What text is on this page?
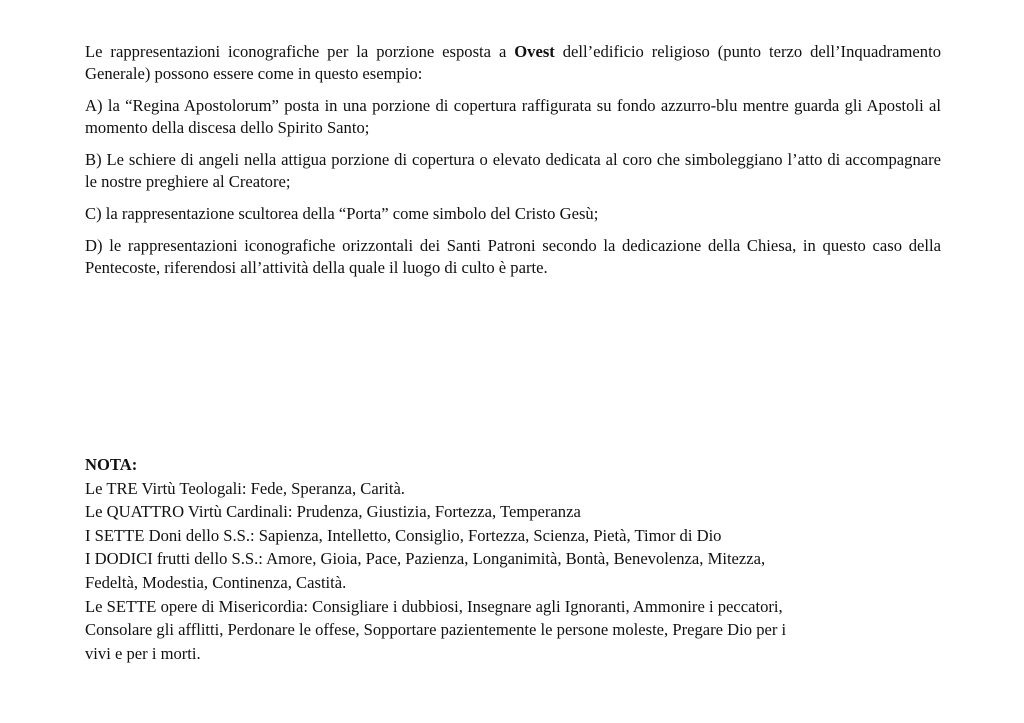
Le rappresentazioni iconografiche per la porzione esposta a Ovest dell’edificio religioso (punto terzo dell’Inquadramento Generale) possono essere come in questo esempio:

A) la “Regina Apostolorum” posta in una porzione di copertura raffigurata su fondo azzurro-blu mentre guarda gli Apostoli al momento della discesa dello Spirito Santo;

B) Le schiere di angeli nella attigua porzione di copertura o elevato dedicata al coro che simboleggiano l’atto di accompagnare le nostre preghiere al Creatore;

C) la rappresentazione scultorea della “Porta” come simbolo del Cristo Gesù;

D) le rappresentazioni iconografiche orizzontali dei Santi Patroni secondo la dedicazione della Chiesa, in questo caso della Pentecoste, riferendosi all’attività della quale il luogo di culto è parte.

NOTA:
Le TRE Virtù Teologali: Fede, Speranza, Carità.
Le QUATTRO Virtù Cardinali: Prudenza, Giustizia, Fortezza, Temperanza
I SETTE Doni dello S.S.: Sapienza, Intelletto, Consiglio, Fortezza, Scienza, Pietà, Timor di Dio
I DODICI frutti dello S.S.: Amore, Gioia, Pace, Pazienza, Longanimità, Bontà, Benevolenza, Mitezza,
Fedeltà, Modestia, Continenza, Castità.
Le SETTE opere di Misericordia: Consigliare i dubbiosi, Insegnare agli Ignoranti, Ammonire i peccatori,
Consolare gli afflitti, Perdonare le offese, Sopportare pazientemente le persone moleste, Pregare Dio per i
vivi e per i morti.
